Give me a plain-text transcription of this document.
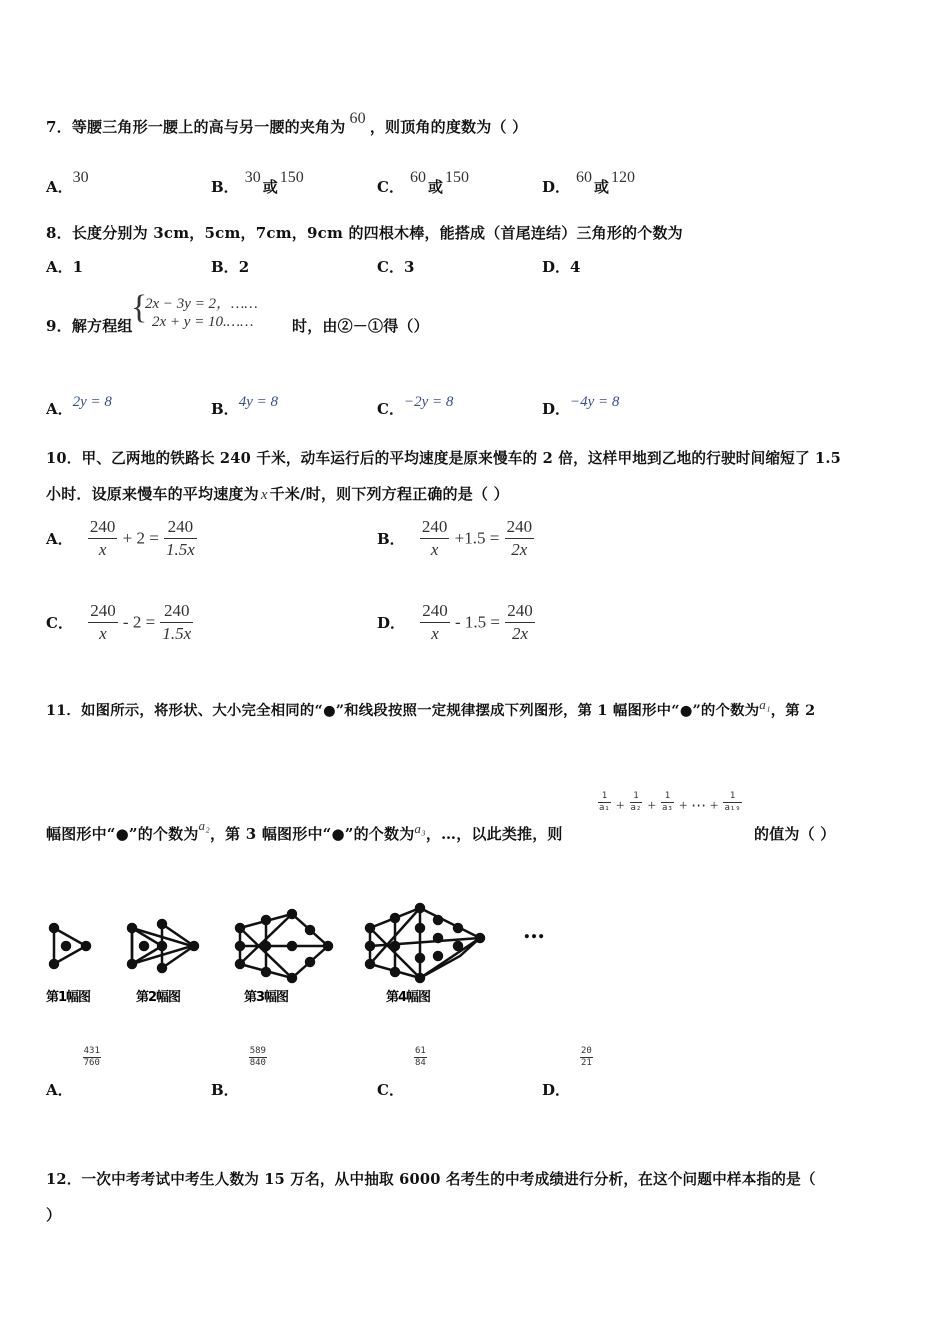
7．等腰三角形一腰上的高与另一腰的夹角为 60 ，则顶角的度数为（ ）
A．30
B．30或150
C．60或150
D．60或120
8．长度分别为 3cm，5cm，7cm，9cm 的四根木棒，能搭成（首尾连结）三角形的个数为
A．1	B．2	C．3	D．4
9．解方程组
{
2x − 3y = 2，……
2x + y = 10.……	时，由②－①得（）
A．2y = 8	B．4y = 8	C．−2y = 8	D．−4y = 8
10．甲、乙两地的铁路长 240 千米，动车运行后的平均速度是原来慢车的 2 倍，这样甲地到乙地的行驶时间缩短了 1.5
小时．设原来慢车的平均速度为 x 千米/时，则下列方程正确的是（ ）
A． $\frac{240}{x} + 2 = \frac{240}{1.5x}$	B． $\frac{240}{x} +1.5 = \frac{240}{2x}$
C． $\frac{240}{x} - 2 = \frac{240}{1.5x}$	D． $\frac{240}{x} - 1.5 = \frac{240}{2x}$
11．如图所示，将形状、大小完全相同的“●”和线段按照一定规律摆成下列图形，第 1 幅图形中“●”的个数为a₁，第 2
幅图形中“●”的个数为a₂，第 3 幅图形中“●”的个数为a₃，…，以此类推，则
$\frac{1}{\text{a₁}} + \frac{1}{\text{a₂}} + \frac{1}{\text{a₃}}$ + ⋯ + $\frac{1}{\text{a₁₉}}$
的值为（ ）
…
第1幅图	第2幅图	第3幅图	第4幅图
A．
$\frac{431}{760}$
B．
$\frac{589}{840}$
C．
$\frac{61}{84}$
D．
$\frac{20}{21}$
12．一次中考考试中考生人数为 15 万名，从中抽取 6000 名考生的中考成绩进行分析，在这个问题中样本指的是（
）
